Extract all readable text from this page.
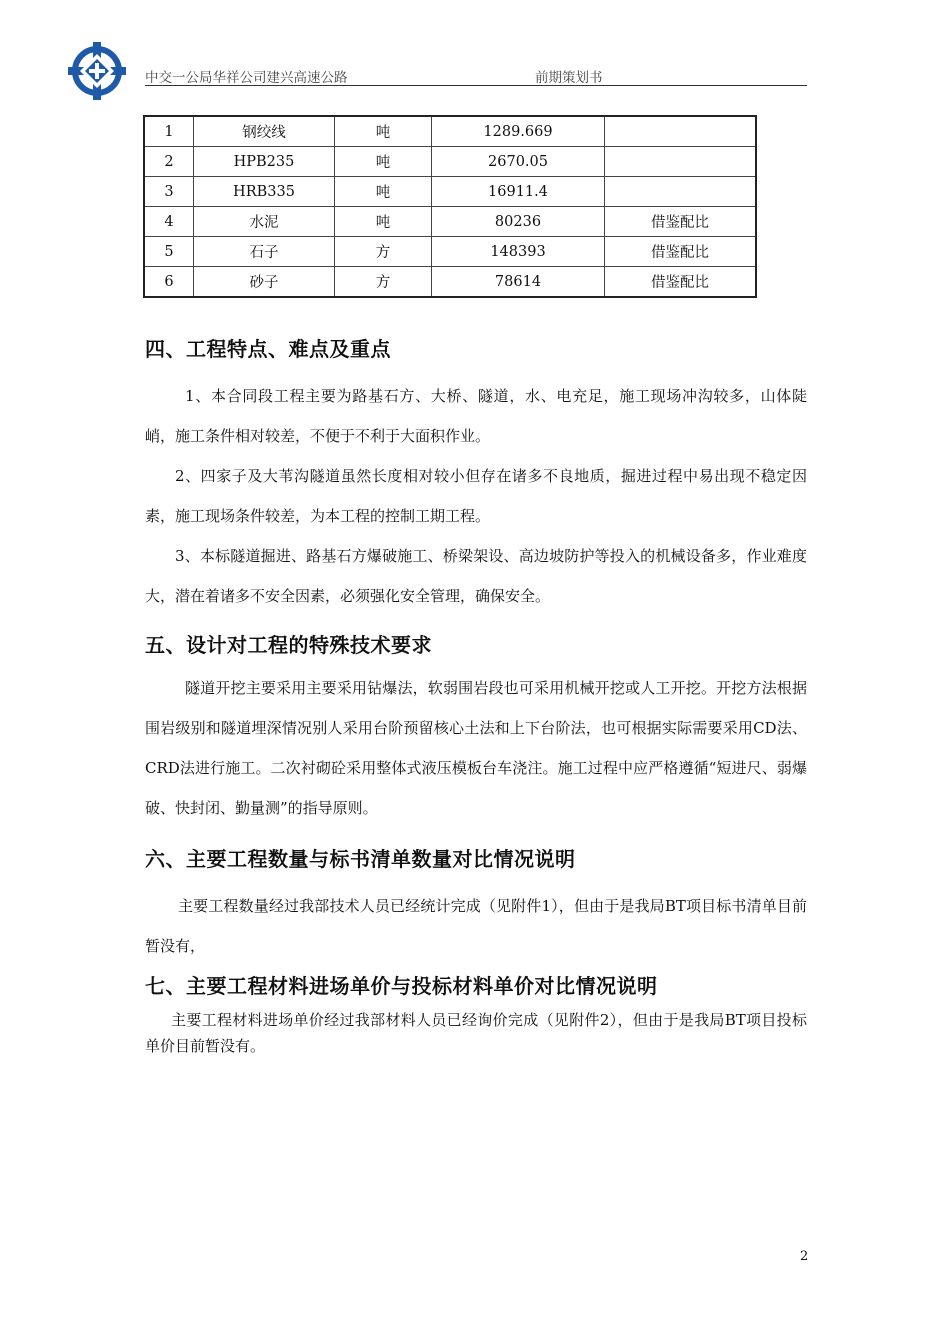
中交一公局华祥公司建兴高速公路	前期策划书
1	钢绞线	吨	1289.669	
2	HPB235	吨	2670.05	
3	HRB335	吨	16911.4	
4	水泥	吨	80236	借鉴配比
5	石子	方	148393	借鉴配比
6	砂子	方	78614	借鉴配比
四、工程特点、难点及重点

1、本合同段工程主要为路基石方、大桥、隧道，水、电充足，施工现场冲沟较多，山体陡峭，施工条件相对较差，不便于不利于大面积作业。

2、四家子及大苇沟隧道虽然长度相对较小但存在诸多不良地质，掘进过程中易出现不稳定因素，施工现场条件较差，为本工程的控制工期工程。

3、本标隧道掘进、路基石方爆破施工、桥梁架设、高边坡防护等投入的机械设备多，作业难度大，潜在着诸多不安全因素，必须强化安全管理，确保安全。

五、设计对工程的特殊技术要求

隧道开挖主要采用主要采用钻爆法，软弱围岩段也可采用机械开挖或人工开挖。开挖方法根据围岩级别和隧道埋深情况别人采用台阶预留核心土法和上下台阶法，也可根据实际需要采用CD法、CRD法进行施工。二次衬砌砼采用整体式液压模板台车浇注。施工过程中应严格遵循“短进尺、弱爆破、快封闭、勤量测”的指导原则。

六、主要工程数量与标书清单数量对比情况说明

主要工程数量经过我部技术人员已经统计完成（见附件1），但由于是我局BT项目标书清单目前暂没有，

七、主要工程材料进场单价与投标材料单价对比情况说明

主要工程材料进场单价经过我部材料人员已经询价完成（见附件2），但由于是我局BT项目投标单价目前暂没有。

2
